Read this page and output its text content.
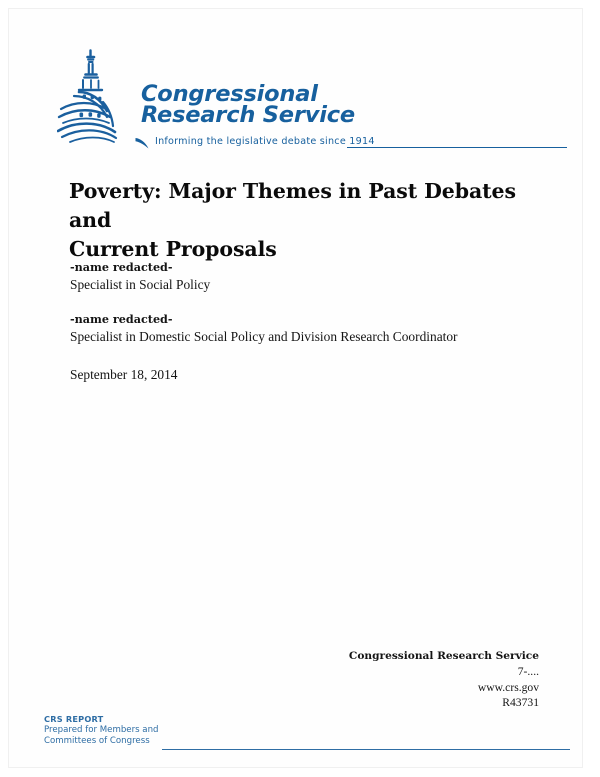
Congressional
Research Service
Informing the legislative debate since 1914
Poverty: Major Themes in Past Debates and
Current Proposals
-name redacted-
Specialist in Social Policy
-name redacted-
Specialist in Domestic Social Policy and Division Research Coordinator
September 18, 2014
Congressional Research Service
7-....
www.crs.gov
R43731
CRS REPORT
Prepared for Members and
Committees of Congress
